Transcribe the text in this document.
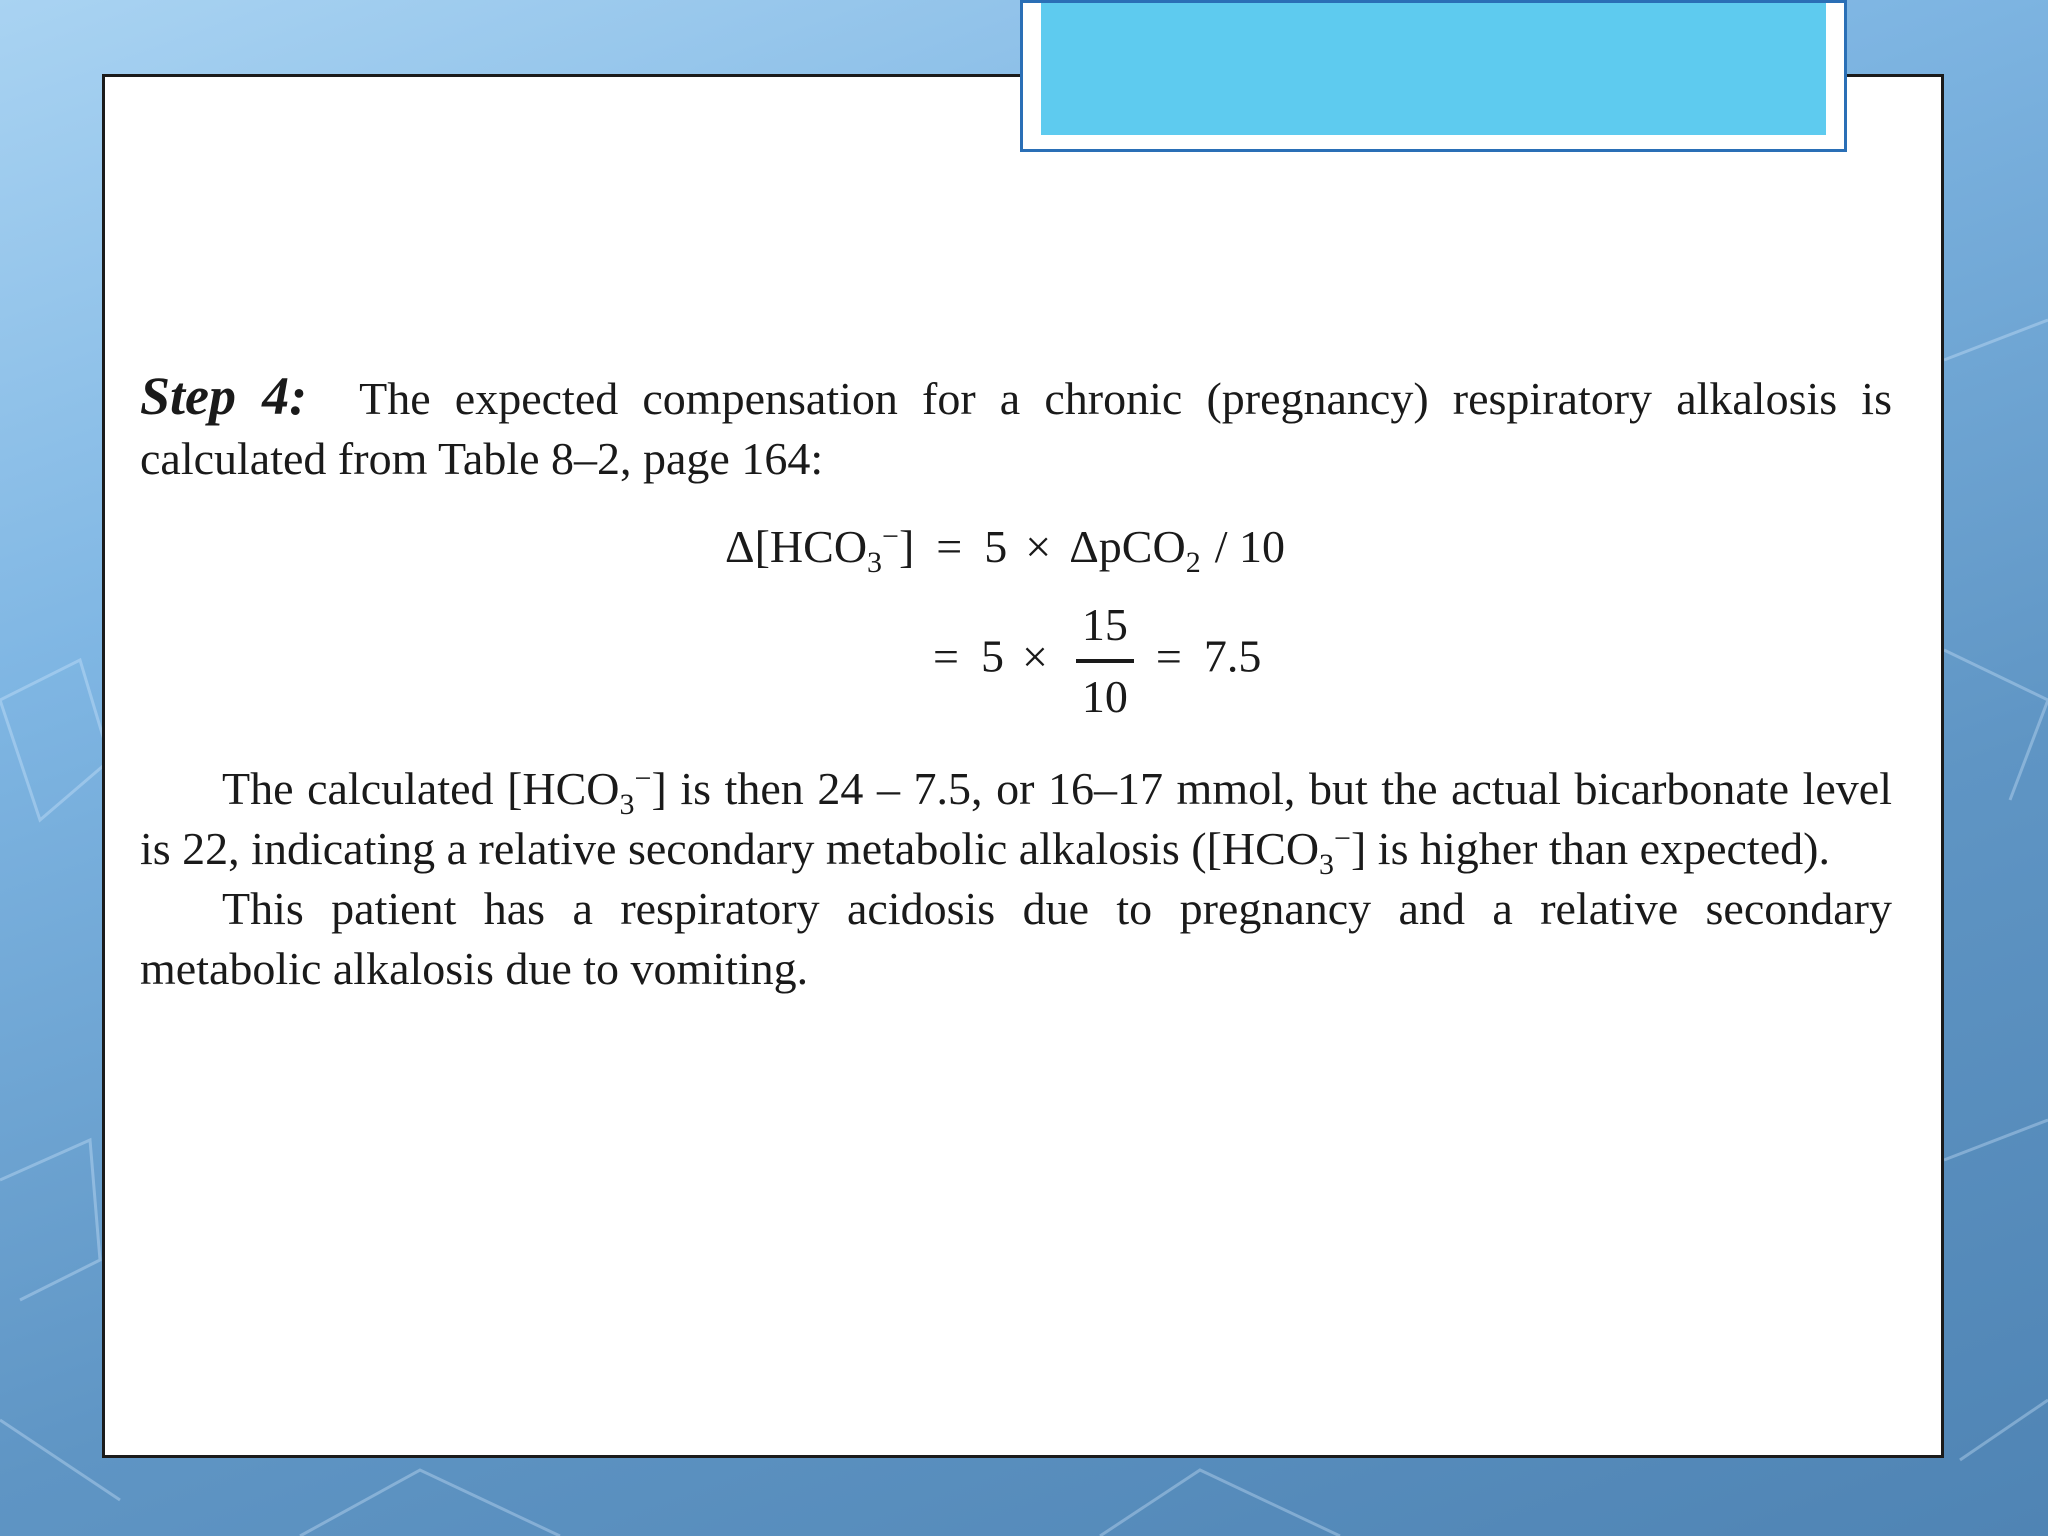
Step 4: The expected compensation for a chronic (pregnancy) respiratory alkalosis is calculated from Table 8–2, page 164:

$\Delta[HCO_3^-] = 5 \times \Delta pCO_2 / 10$
= $5 \times \frac{15}{10} = 7.5$

The calculated $[HCO_3^-]$ is then 24 – 7.5, or 16–17 mmol, but the actual bicarbonate level is 22, indicating a relative secondary metabolic alkalosis ($[HCO_3^-]$ is higher than expected).

This patient has a respiratory acidosis due to pregnancy and a relative secondary metabolic alkalosis due to vomiting.
